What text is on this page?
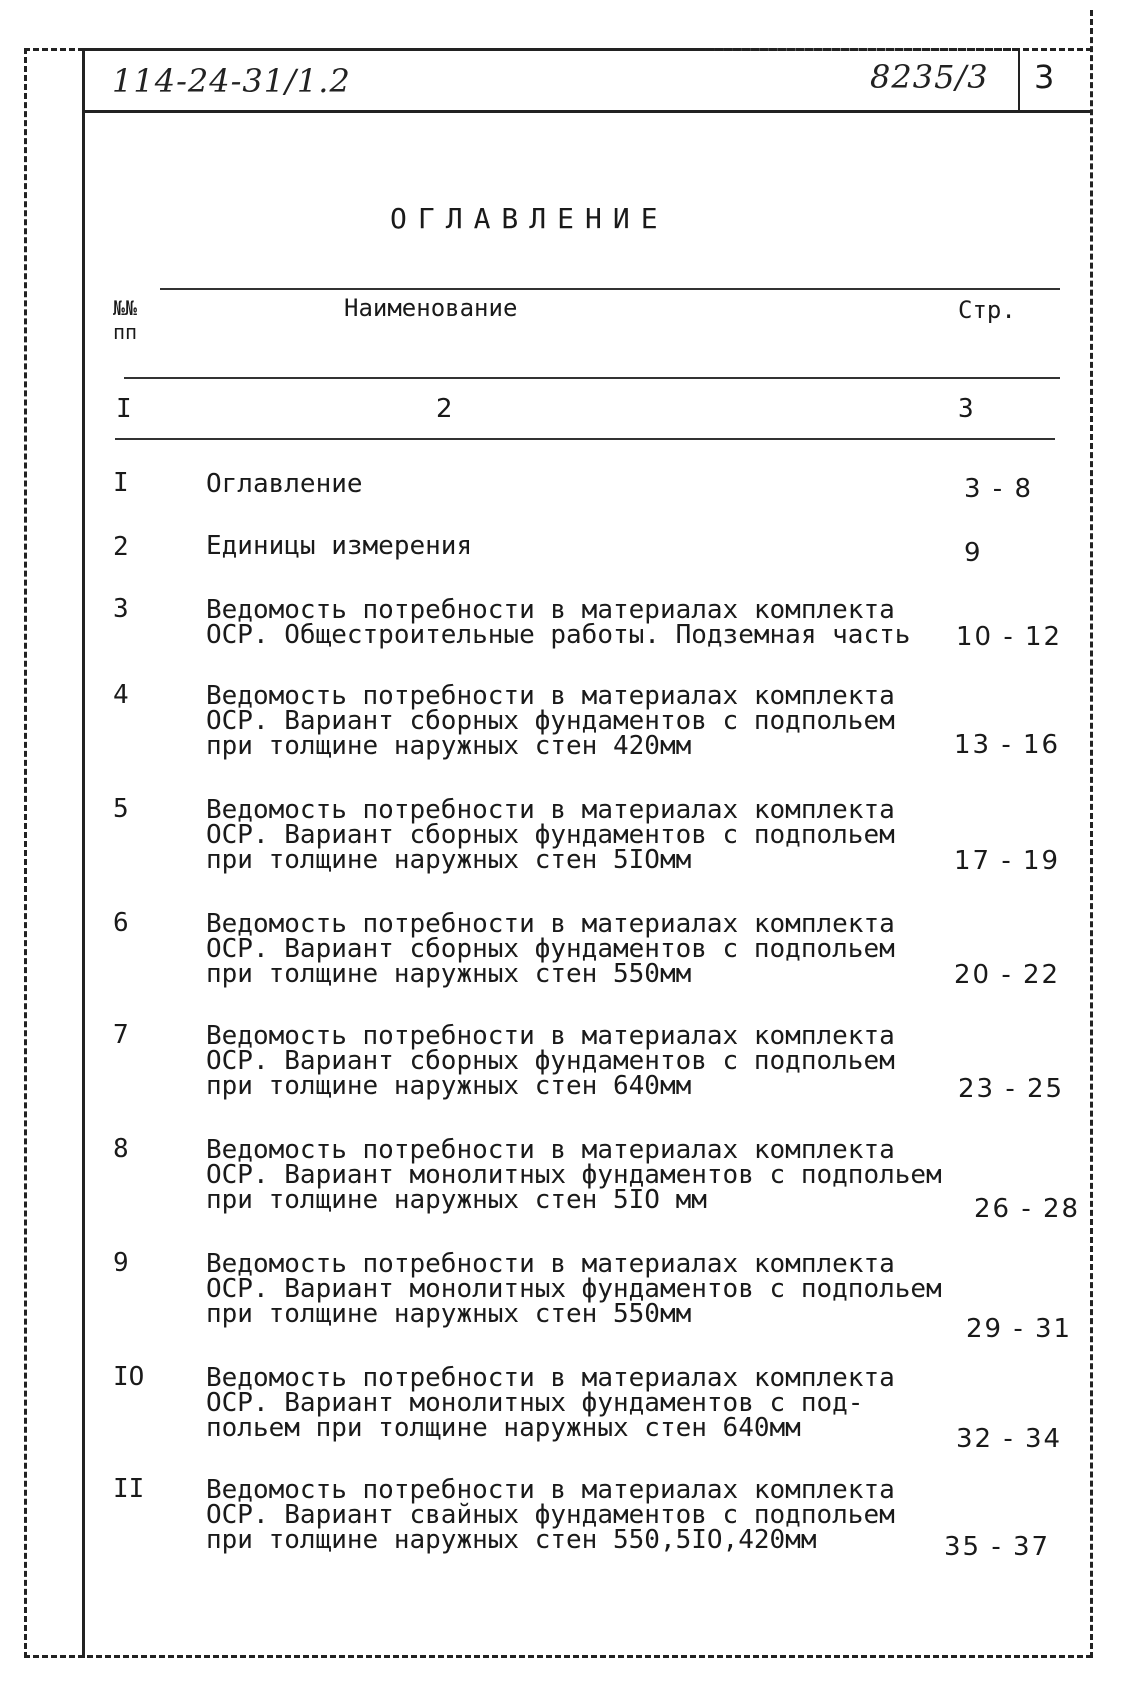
114-24-31/1.2	8235/3 3
ОГЛАВЛЕНИЕ
№№
пп
Наименование	Стр.
I	2	3
I	Оглавление	3 - 8
2	Единицы измерения	9
3	Ведомость потребности в материалах комплекта
ОСР. Общестроительные работы. Подземная часть	10 - 12
4	Ведомость потребности в материалах комплекта
ОСР. Вариант сборных фундаментов с подпольем
при толщине наружных стен 420мм	13 - 16
5	Ведомость потребности в материалах комплекта
ОСР. Вариант сборных фундаментов с подпольем
при толщине наружных стен 5IOмм	17 - 19
6	Ведомость потребности в материалах комплекта
ОСР. Вариант сборных фундаментов с подпольем
при толщине наружных стен 550мм	20 - 22
7	Ведомость потребности в материалах комплекта
ОСР. Вариант сборных фундаментов с подпольем
при толщине наружных стен 640мм	23 - 25
8	Ведомость потребности в материалах комплекта
ОСР. Вариант монолитных фундаментов с подпольем
при толщине наружных стен 5IO мм	26 - 28
9	Ведомость потребности в материалах комплекта
ОСР. Вариант монолитных фундаментов с подпольем
при толщине наружных стен 550мм	29 - 31
IO Ведомость потребности в материалах комплекта
ОСР. Вариант монолитных фундаментов с под-
польем при толщине наружных стен 640мм	32 - 34
II Ведомость потребности в материалах комплекта
ОСР. Вариант свайных фундаментов с подпольем
при толщине наружных стен 550,5IO,420мм	35 - 37
